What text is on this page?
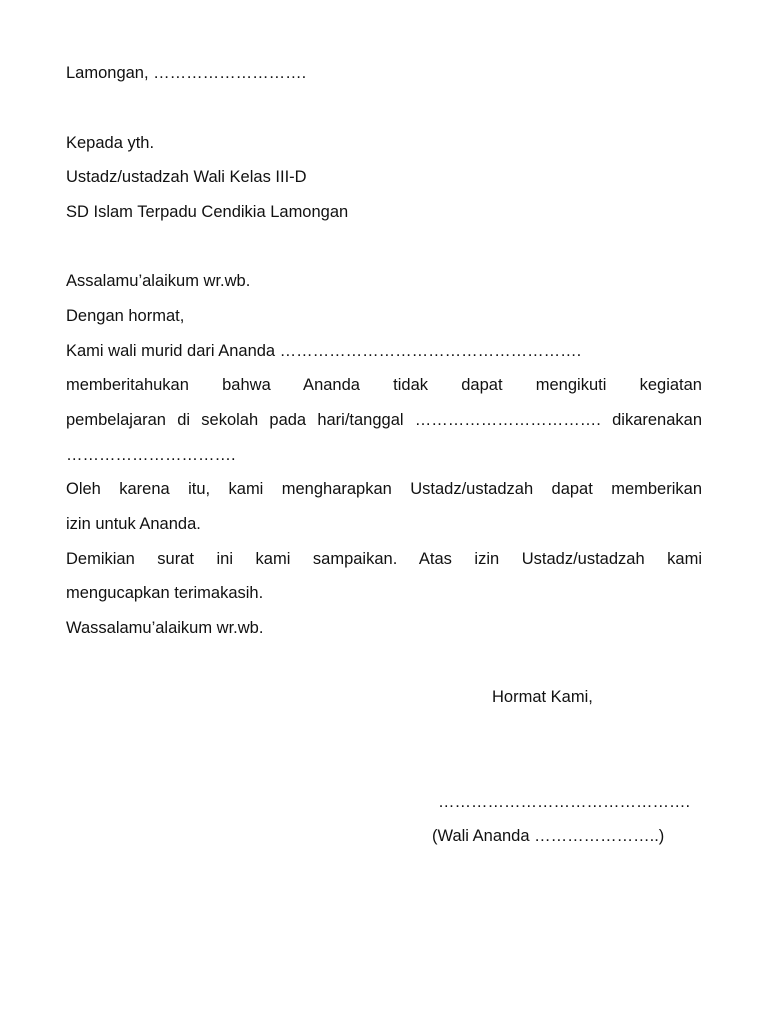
Lamongan, ……………………….
Kepada yth.
Ustadz/ustadzah Wali Kelas III-D
SD Islam Terpadu Cendikia Lamongan
Assalamu’alaikum wr.wb.
Dengan hormat,
Kami wali murid dari Ananda ……………………………………………….
memberitahukan bahwa Ananda tidak dapat mengikuti kegiatan
pembelajaran di sekolah pada hari/tanggal ……………………………. dikarenakan
………………………….
Oleh karena itu, kami mengharapkan Ustadz/ustadzah dapat memberikan
izin untuk Ananda.
Demikian surat ini kami sampaikan. Atas izin Ustadz/ustadzah kami
mengucapkan terimakasih.
Wassalamu’alaikum wr.wb.
Hormat Kami,
……………………………………….
(Wali Ananda …………………..)
